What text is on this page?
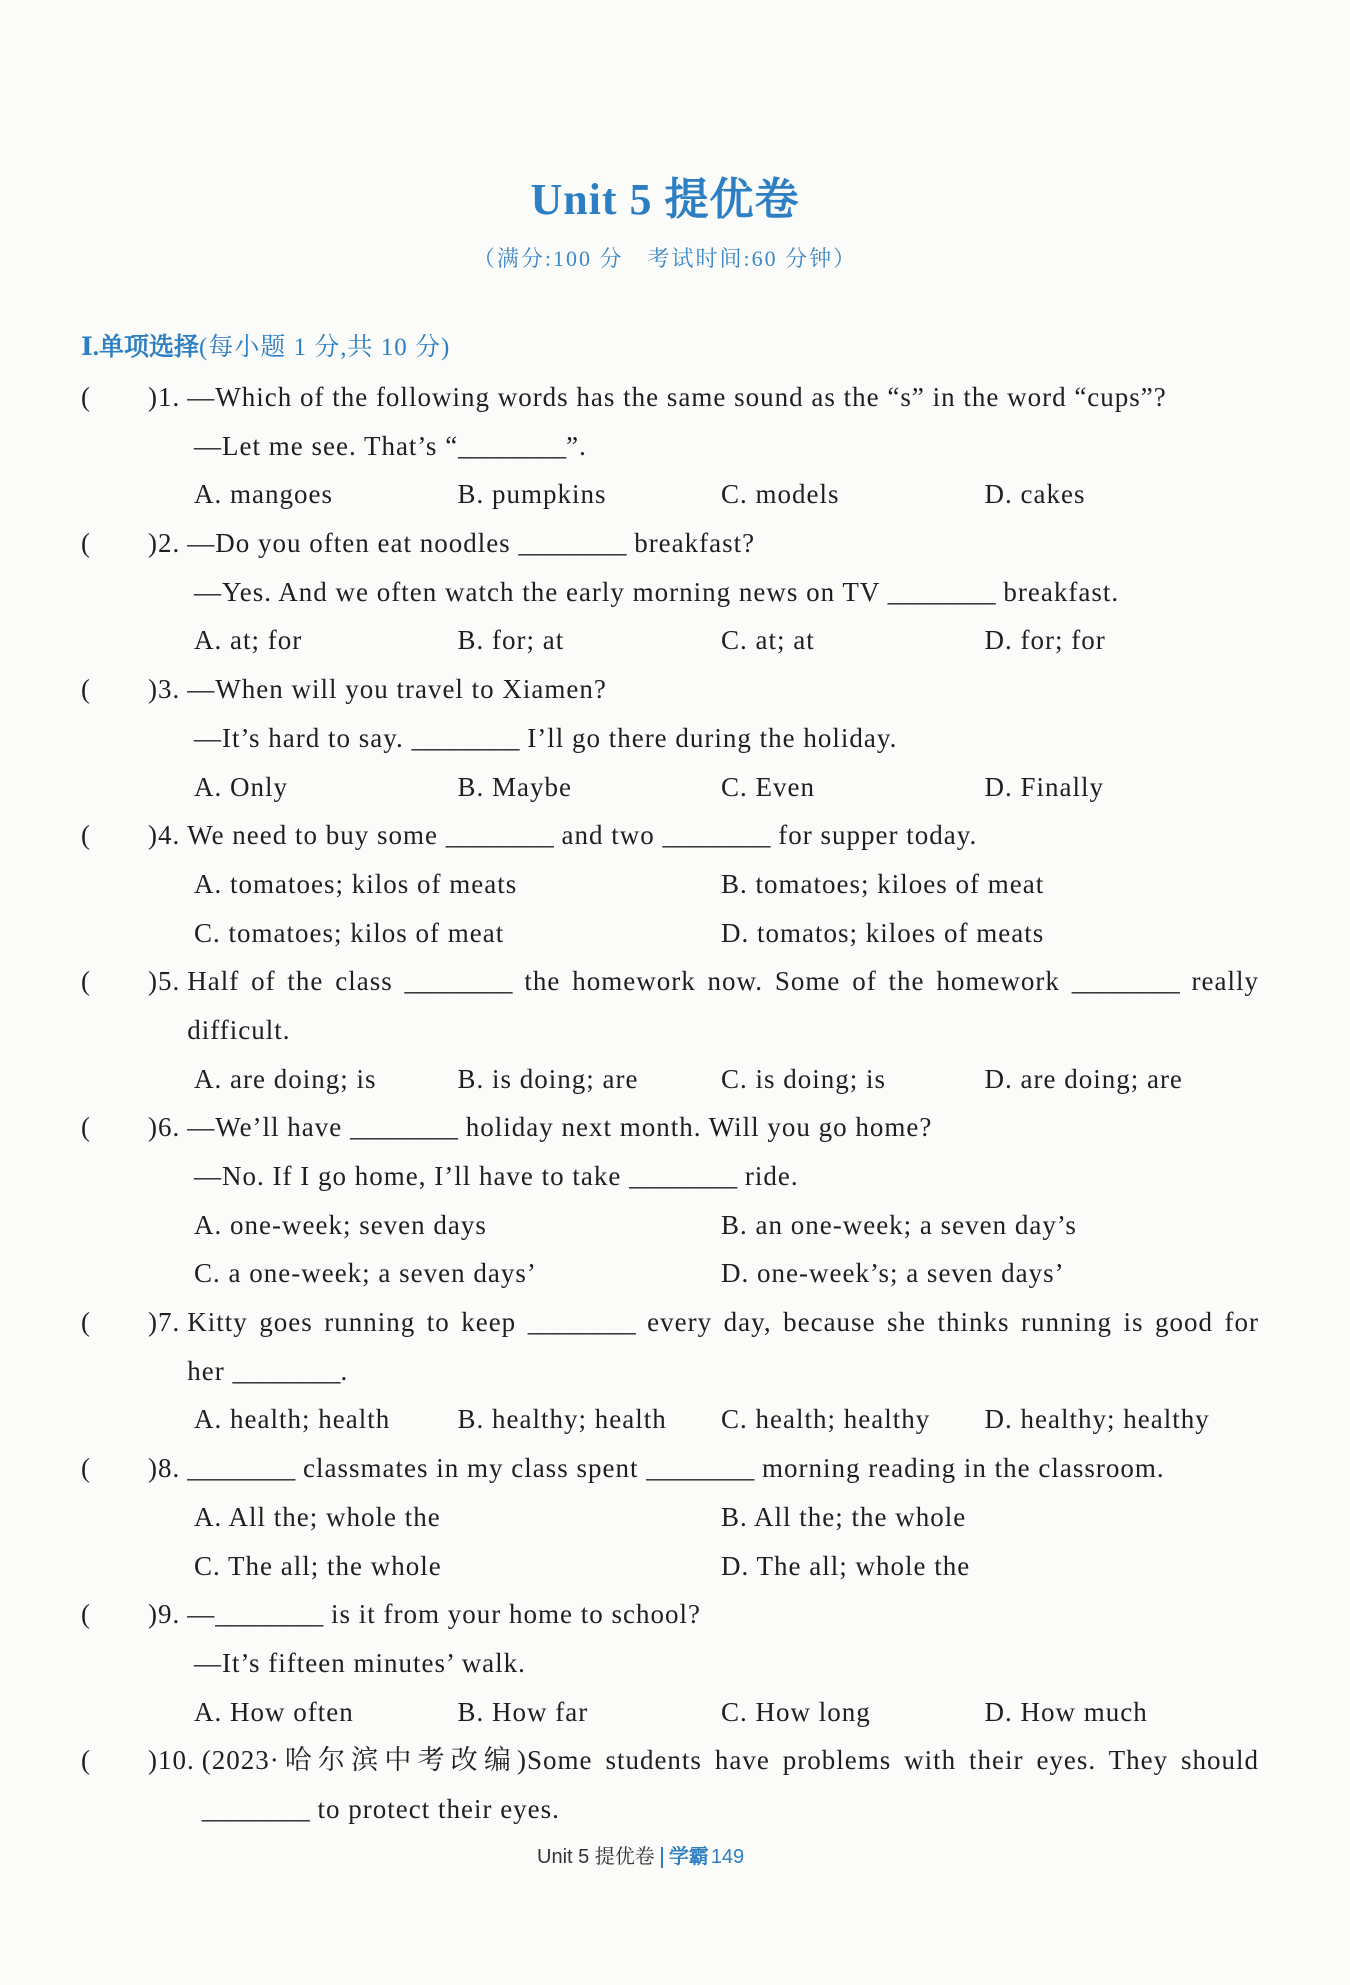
Unit 5 提优卷
（满分:100 分　考试时间:60 分钟）
Ⅰ.单项选择(每小题 1 分,共 10 分)
( )1. —Which of the following words has the same sound as the “s” in the word “cups”?
—Let me see. That’s “________”.
A. mangoes	B. pumpkins	C. models	D. cakes
( )2. —Do you often eat noodles ________ breakfast?
—Yes. And we often watch the early morning news on TV ________ breakfast.
A. at; for	B. for; at	C. at; at	D. for; for
( )3. —When will you travel to Xiamen?
—It’s hard to say. ________ I’ll go there during the holiday.
A. Only	B. Maybe	C. Even	D. Finally
( )4. We need to buy some ________ and two ________ for supper today.
A. tomatoes; kilos of meats	B. tomatoes; kiloes of meat
C. tomatoes; kilos of meat	D. tomatos; kiloes of meats
( )5. Half of the class ________ the homework now. Some of the homework ________ really
difficult.
A. are doing; is	B. is doing; are	C. is doing; is	D. are doing; are
( )6. —We’ll have ________ holiday next month. Will you go home?
—No. If I go home, I’ll have to take ________ ride.
A. one-week; seven days	B. an one-week; a seven day’s
C. a one-week; a seven days’	D. one-week’s; a seven days’
( )7. Kitty goes running to keep ________ every day, because she thinks running is good for
her ________.
A. health; health	B. healthy; health	C. health; healthy	D. healthy; healthy
( )8. ________ classmates in my class spent ________ morning reading in the classroom.
A. All the; whole the	B. All the; the whole
C. The all; the whole	D. The all; whole the
( )9. —________ is it from your home to school?
—It’s fifteen minutes’ walk.
A. How often	B. How far	C. How long	D. How much
( )10. (2023·哈尔滨中考改编)Some students have problems with their eyes. They should
________ to protect their eyes.
Unit 5 提优卷 学霸 149
